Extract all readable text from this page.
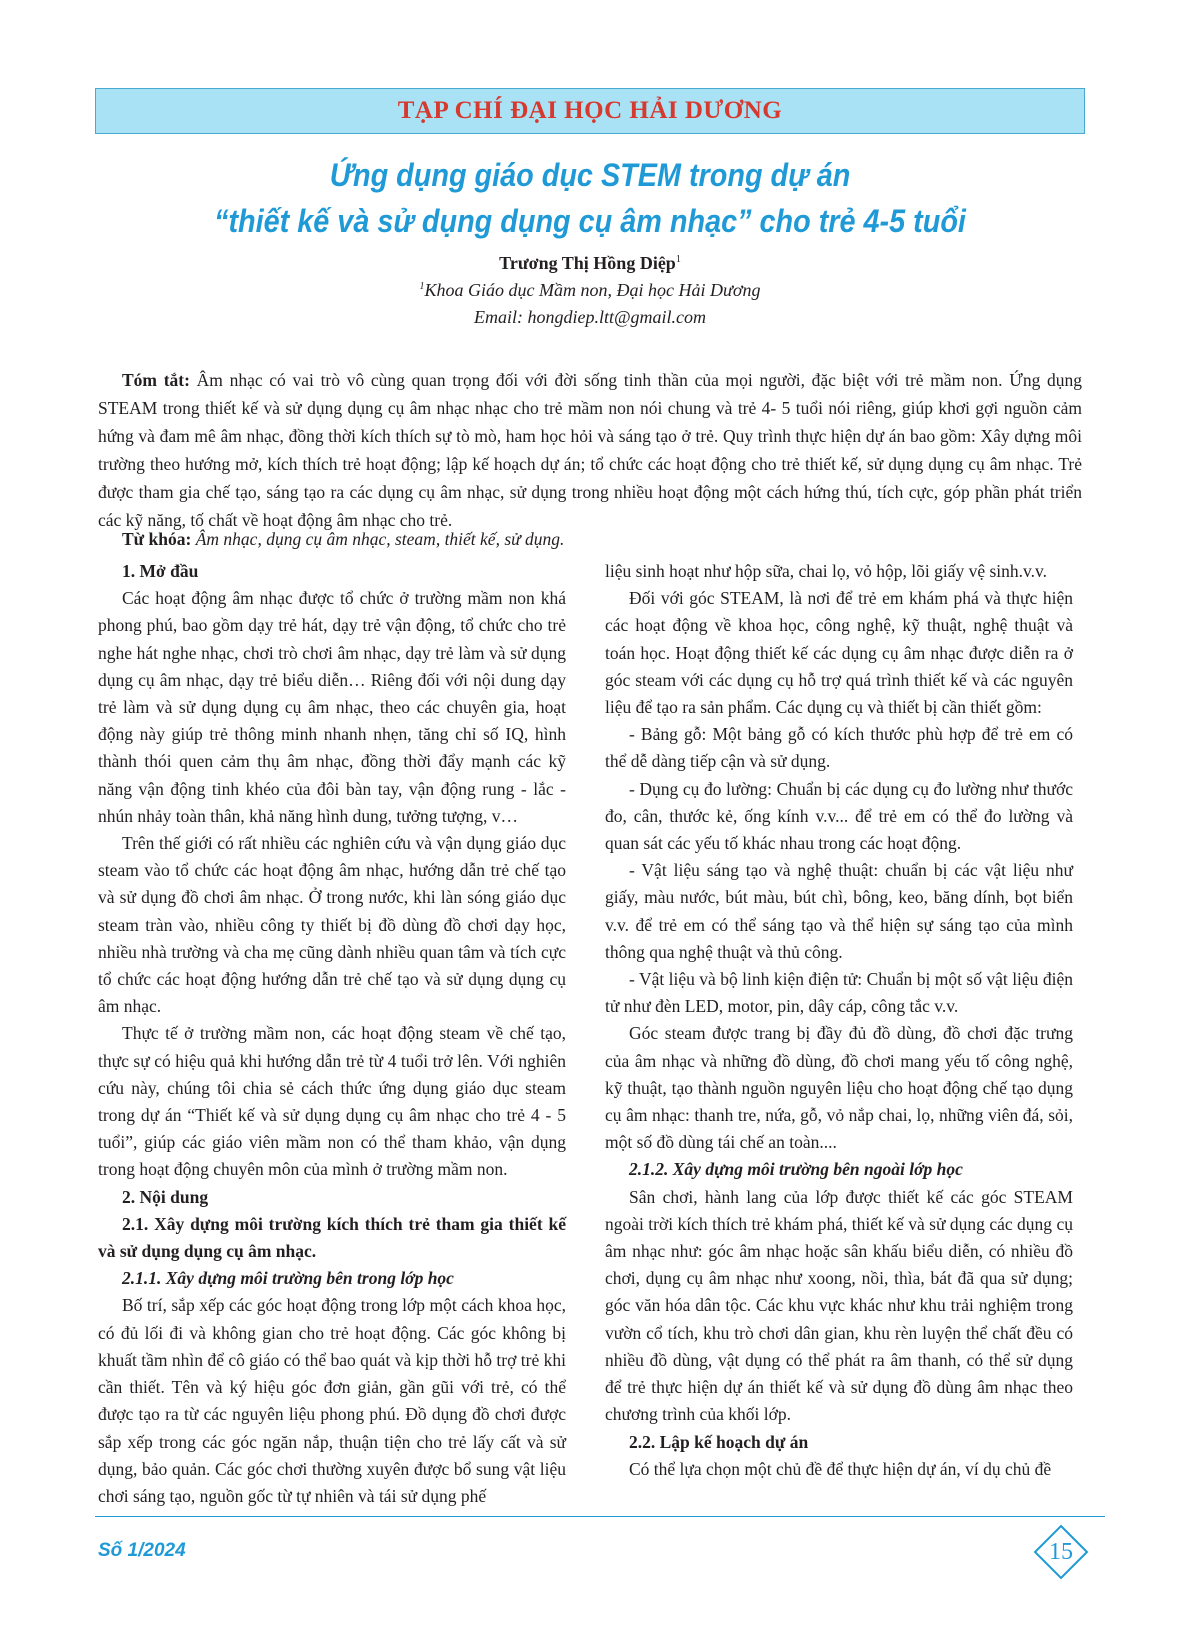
TẠP CHÍ ĐẠI HỌC HẢI DƯƠNG
Ứng dụng giáo dục STEM trong dự án
“thiết kế và sử dụng dụng cụ âm nhạc” cho trẻ 4-5 tuổi
Trương Thị Hồng Diệp$^1$
$^1$Khoa Giáo dục Mầm non, Đại học Hải Dương
Email: hongdiep.ltt@gmail.com

Tóm tắt: Âm nhạc có vai trò vô cùng quan trọng đối với đời sống tinh thần của mọi người, đặc biệt với trẻ mầm non. Ứng dụng STEAM trong thiết kế và sử dụng dụng cụ âm nhạc nhạc cho trẻ mầm non nói chung và trẻ 4- 5 tuổi nói riêng, giúp khơi gợi nguồn cảm hứng và đam mê âm nhạc, đồng thời kích thích sự tò mò, ham học hỏi và sáng tạo ở trẻ. Quy trình thực hiện dự án bao gồm: Xây dựng môi trường theo hướng mở, kích thích trẻ hoạt động; lập kế hoạch dự án; tổ chức các hoạt động cho trẻ thiết kế, sử dụng dụng cụ âm nhạc. Trẻ được tham gia chế tạo, sáng tạo ra các dụng cụ âm nhạc, sử dụng trong nhiều hoạt động một cách hứng thú, tích cực, góp phần phát triển các kỹ năng, tố chất về hoạt động âm nhạc cho trẻ.

Từ khóa: Âm nhạc, dụng cụ âm nhạc, steam, thiết kế, sử dụng.

1. Mở đầu

Các hoạt động âm nhạc được tổ chức ở trường mầm non khá phong phú, bao gồm dạy trẻ hát, dạy trẻ vận động, tổ chức cho trẻ nghe hát nghe nhạc, chơi trò chơi âm nhạc, dạy trẻ làm và sử dụng dụng cụ âm nhạc, dạy trẻ biểu diễn… Riêng đối với nội dung dạy trẻ làm và sử dụng dụng cụ âm nhạc, theo các chuyên gia, hoạt động này giúp trẻ thông minh nhanh nhẹn, tăng chỉ số IQ, hình thành thói quen cảm thụ âm nhạc, đồng thời đẩy mạnh các kỹ năng vận động tinh khéo của đôi bàn tay, vận động rung - lắc - nhún nhảy toàn thân, khả năng hình dung, tưởng tượng, v…

Trên thế giới có rất nhiều các nghiên cứu và vận dụng giáo dục steam vào tổ chức các hoạt động âm nhạc, hướng dẫn trẻ chế tạo và sử dụng đồ chơi âm nhạc. Ở trong nước, khi làn sóng giáo dục steam tràn vào, nhiều công ty thiết bị đồ dùng đồ chơi dạy học, nhiều nhà trường và cha mẹ cũng dành nhiều quan tâm và tích cực tổ chức các hoạt động hướng dẫn trẻ chế tạo và sử dụng dụng cụ âm nhạc.

Thực tế ở trường mầm non, các hoạt động steam về chế tạo, thực sự có hiệu quả khi hướng dẫn trẻ từ 4 tuổi trở lên. Với nghiên cứu này, chúng tôi chia sẻ cách thức ứng dụng giáo dục steam trong dự án “Thiết kế và sử dụng dụng cụ âm nhạc cho trẻ 4 - 5 tuổi”, giúp các giáo viên mầm non có thể tham khảo, vận dụng trong hoạt động chuyên môn của mình ở trường mầm non.

2. Nội dung

2.1. Xây dựng môi trường kích thích trẻ tham gia thiết kế và sử dụng dụng cụ âm nhạc.

2.1.1. Xây dựng môi trường bên trong lớp học

Bố trí, sắp xếp các góc hoạt động trong lớp một cách khoa học, có đủ lối đi và không gian cho trẻ hoạt động. Các góc không bị khuất tầm nhìn để cô giáo có thể bao quát và kịp thời hỗ trợ trẻ khi cần thiết. Tên và ký hiệu góc đơn giản, gần gũi với trẻ, có thể được tạo ra từ các nguyên liệu phong phú. Đồ dụng đồ chơi được sắp xếp trong các góc ngăn nắp, thuận tiện cho trẻ lấy cất và sử dụng, bảo quản. Các góc chơi thường xuyên được bổ sung vật liệu chơi sáng tạo, nguồn gốc từ tự nhiên và tái sử dụng phế

liệu sinh hoạt như hộp sữa, chai lọ, vỏ hộp, lõi giấy vệ sinh.v.v.

Đối với góc STEAM, là nơi để trẻ em khám phá và thực hiện các hoạt động về khoa học, công nghệ, kỹ thuật, nghệ thuật và toán học. Hoạt động thiết kế các dụng cụ âm nhạc được diễn ra ở góc steam với các dụng cụ hỗ trợ quá trình thiết kế và các nguyên liệu để tạo ra sản phẩm. Các dụng cụ và thiết bị cần thiết gồm:

- Bảng gỗ: Một bảng gỗ có kích thước phù hợp để trẻ em có thể dễ dàng tiếp cận và sử dụng.

- Dụng cụ đo lường: Chuẩn bị các dụng cụ đo lường như thước đo, cân, thước kẻ, ống kính v.v... để trẻ em có thể đo lường và quan sát các yếu tố khác nhau trong các hoạt động.

- Vật liệu sáng tạo và nghệ thuật: chuẩn bị các vật liệu như giấy, màu nước, bút màu, bút chì, bông, keo, băng dính, bọt biển v.v. để trẻ em có thể sáng tạo và thể hiện sự sáng tạo của mình thông qua nghệ thuật và thủ công.

- Vật liệu và bộ linh kiện điện tử: Chuẩn bị một số vật liệu điện tử như đèn LED, motor, pin, dây cáp, công tắc v.v.

Góc steam được trang bị đầy đủ đồ dùng, đồ chơi đặc trưng của âm nhạc và những đồ dùng, đồ chơi mang yếu tố công nghệ, kỹ thuật, tạo thành nguồn nguyên liệu cho hoạt động chế tạo dụng cụ âm nhạc: thanh tre, nứa, gỗ, vỏ nắp chai, lọ, những viên đá, sỏi, một số đồ dùng tái chế an toàn....

2.1.2. Xây dựng môi trường bên ngoài lớp học

Sân chơi, hành lang của lớp được thiết kế các góc STEAM ngoài trời kích thích trẻ khám phá, thiết kế và sử dụng các dụng cụ âm nhạc như: góc âm nhạc hoặc sân khấu biểu diễn, có nhiều đồ chơi, dụng cụ âm nhạc như xoong, nồi, thìa, bát đã qua sử dụng; góc văn hóa dân tộc. Các khu vực khác như khu trải nghiệm trong vườn cổ tích, khu trò chơi dân gian, khu rèn luyện thể chất đều có nhiều đồ dùng, vật dụng có thể phát ra âm thanh, có thể sử dụng để trẻ thực hiện dự án thiết kế và sử dụng đồ dùng âm nhạc theo chương trình của khối lớp.

2.2. Lập kế hoạch dự án

Có thể lựa chọn một chủ đề để thực hiện dự án, ví dụ chủ đề

Số 1/2024	15
